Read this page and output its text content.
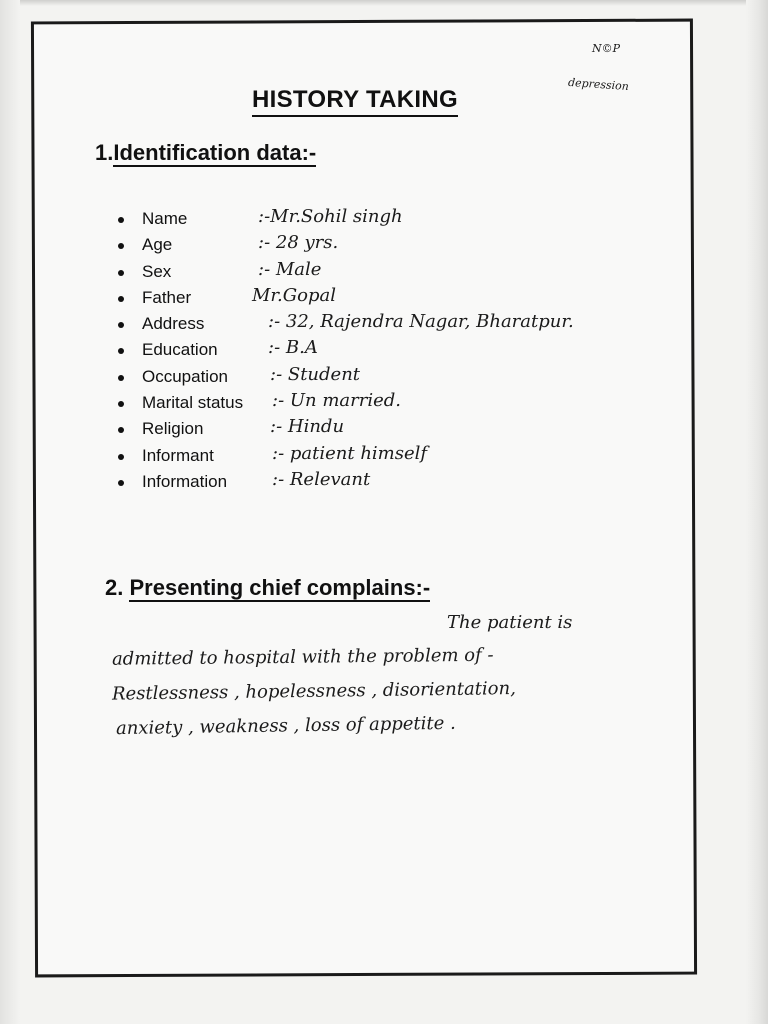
N©P
depression
HISTORY TAKING
1.Identification data:-
Name	:-Mr.Sohil singh
Age	:- 28 yrs.
Sex	:- Male
Father	Mr.Gopal
Address	:- 32, Rajendra Nagar, Bharatpur.
Education	:- B.A
Occupation :- Student
Marital status :- Un married.
Religion	:- Hindu
Informant	:- patient himself
Information :- Relevant
2. Presenting chief complains:-
The patient is
admitted to hospital with the problem of -
Restlessness , hopelessness , disorientation,
anxiety , weakness , loss of appetite .
